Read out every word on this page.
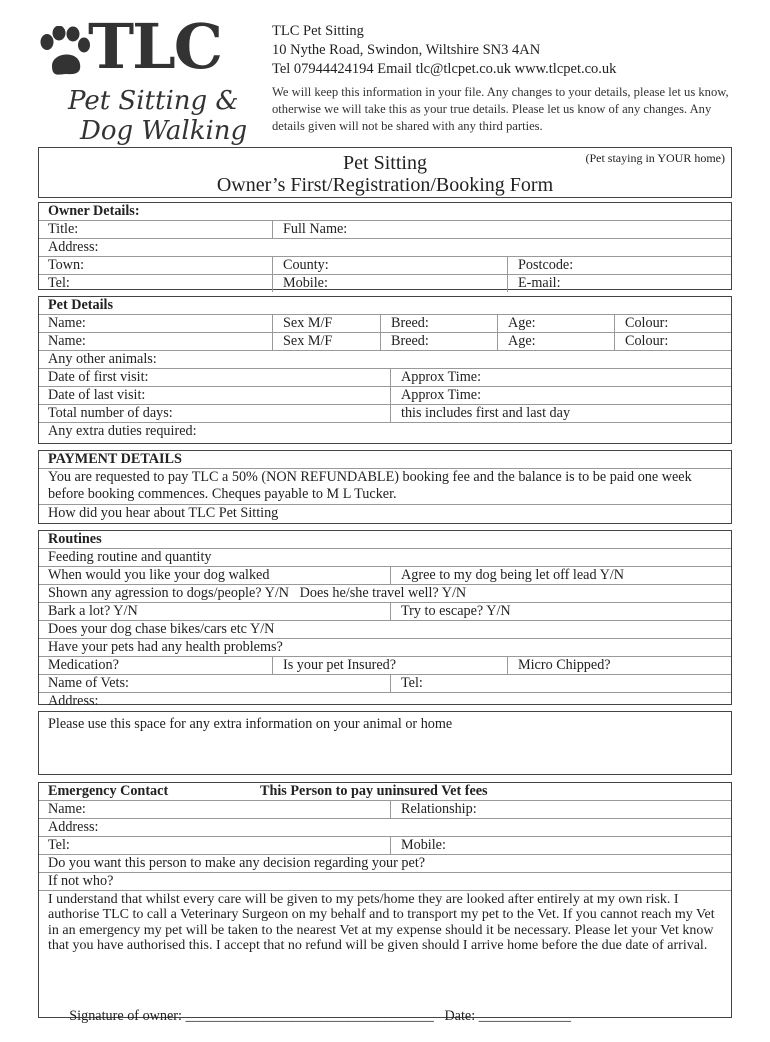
TLC
Pet Sitting &
Dog Walking
TLC Pet Sitting
10 Nythe Road, Swindon, Wiltshire SN3 4AN
Tel 07944424194 Email tlc@tlcpet.co.uk www.tlcpet.co.uk
We will keep this information in your file. Any changes to your details, please let us know, otherwise we will take this as your true details. Please let us know of any changes. Any details given will not be shared with any third parties.
(Pet staying in YOUR home)
Pet Sitting
Owner’s First/Registration/Booking Form
Owner Details:
Title:	Full Name:
Address:
Town:	County:	Postcode:
Tel:	Mobile:	E-mail:
Pet Details
Name:	Sex M/F	Breed:	Age:	Colour:
Name:	Sex M/F	Breed:	Age:	Colour:
Any other animals:
Date of first visit:	Approx Time:
Date of last visit:	Approx Time:
Total number of days:	this includes first and last day
Any extra duties required:
PAYMENT DETAILS
You are requested to pay TLC a 50% (NON REFUNDABLE) booking fee and the balance is to be paid one week before booking commences. Cheques payable to M L Tucker.
How did you hear about TLC Pet Sitting
Routines
Feeding routine and quantity
When would you like your dog walked	Agree to my dog being let off lead Y/N
Shown any agression to dogs/people? Y/N   Does he/she travel well? Y/N
Bark a lot? Y/N	Try to escape? Y/N
Does your dog chase bikes/cars etc Y/N
Have your pets had any health problems?
Medication?	Is your pet Insured?	Micro Chipped?
Name of Vets:	Tel:
Address:
Please use this space for any extra information on your animal or home
Emergency Contact	This Person to pay uninsured Vet fees
Name:	Relationship:
Address:
Tel:	Mobile:
Do you want this person to make any decision regarding your pet?
If not who?
I understand that whilst every care will be given to my pets/home they are looked after entirely at my own risk. I authorise TLC to call a Veterinary Surgeon on my behalf and to transport my pet to the Vet. If you cannot reach my Vet in an emergency my pet will be taken to the nearest Vet at my expense should it be necessary. Please let your Vet know that you have authorised this. I accept that no refund will be given should I arrive home before the due date of arrival.

Signature of owner: ___________________________________ Date: _____________
